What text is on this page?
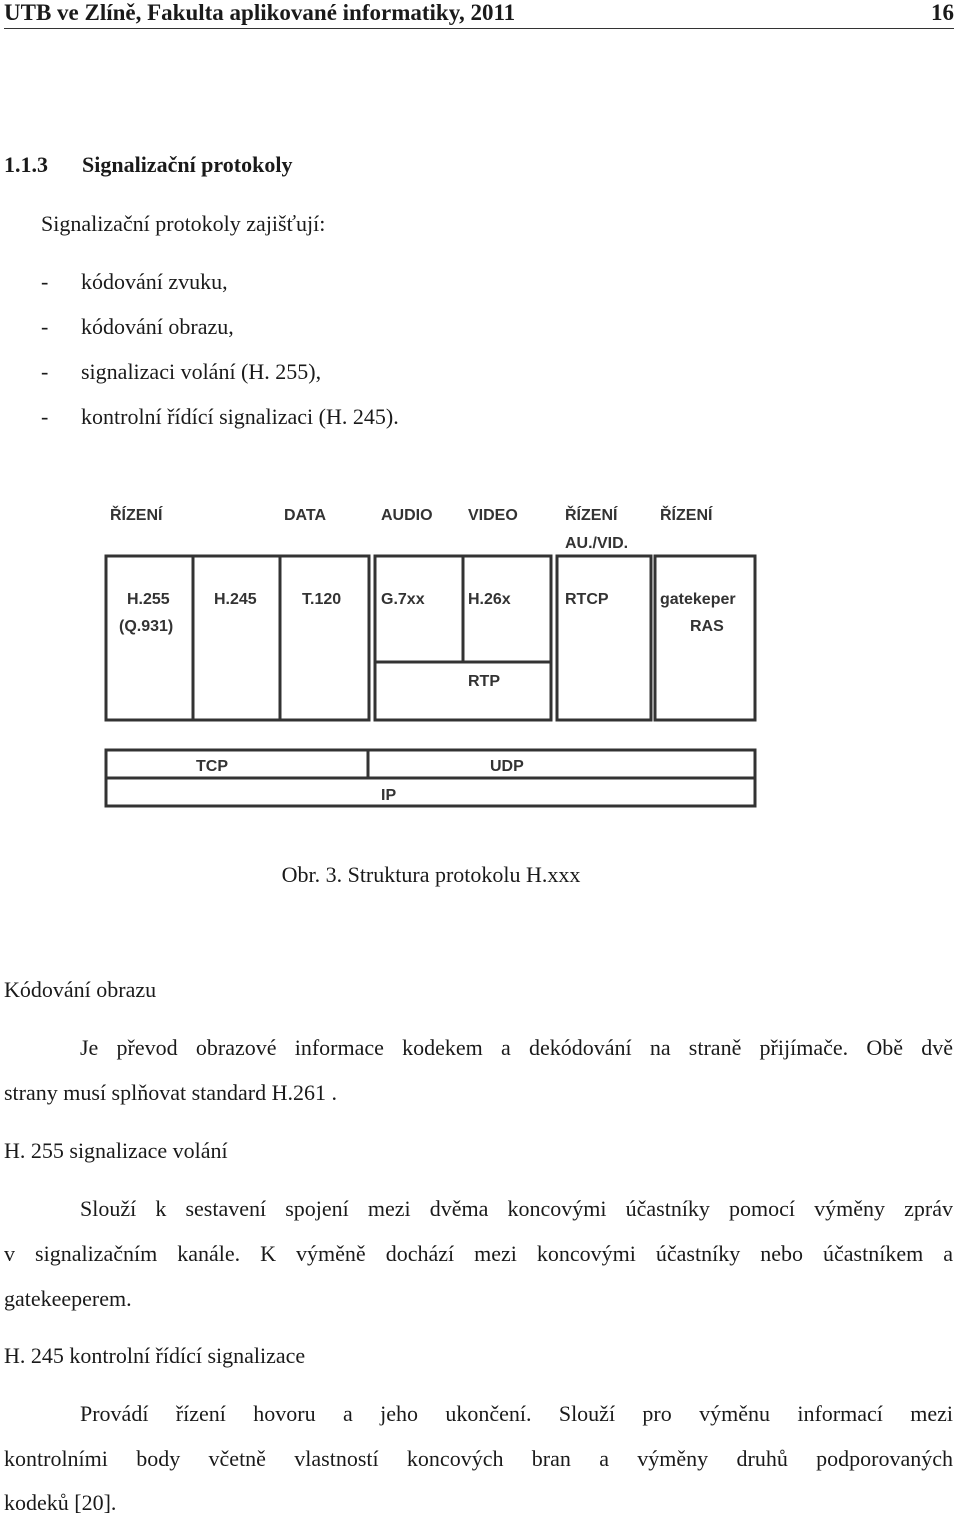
UTB ve Zlíně, Fakulta aplikované informatiky, 2011	16
1.1.3 Signalizační protokoly
Signalizační protokoly zajišťují:
- kódování zvuku,
- kódování obrazu,
- signalizaci volání (H. 255),
- kontrolní řídící signalizaci (H. 245).
ŘÍZENÍ	DATA	AUDIO VIDEO	ŘÍZENÍ
AU./VID.
ŘÍZENÍ
H.255
(Q.931)
H.245	T.120 G.7xx	H.26x	RTCP	gatekeper
RAS
RTP
TCP	UDP
IP
Obr. 3. Struktura protokolu H.xxx
Kódování obrazu
Je převod obrazové informace kodekem a dekódování na straně přijímače. Obě dvě
strany musí splňovat standard H.261 .
H. 255 signalizace volání
Slouží k sestavení spojení mezi dvěma koncovými účastníky pomocí výměny zpráv
v signalizačním kanále. K výměně dochází mezi koncovými účastníky nebo účastníkem a
gatekeeperem.
H. 245 kontrolní řídící signalizace
Provádí řízení hovoru a jeho ukončení. Slouží pro výměnu informací mezi
kontrolními body včetně vlastností koncových bran a výměny druhů podporovaných
kodeků [20].
